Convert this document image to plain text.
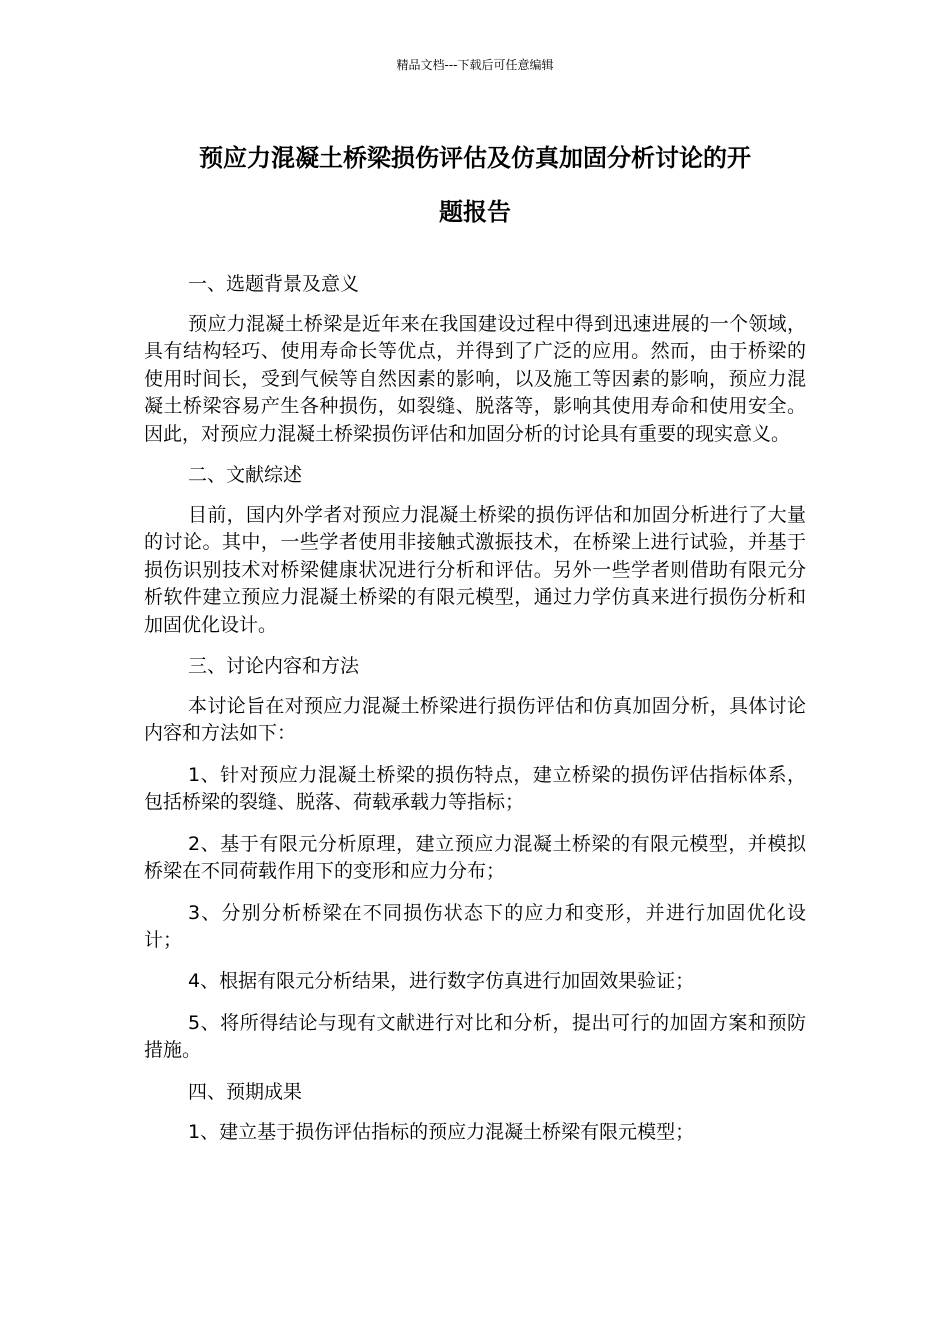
精品文档---下载后可任意编辑
预应力混凝土桥梁损伤评估及仿真加固分析讨论的开
题报告
一、选题背景及意义

预应力混凝土桥梁是近年来在我国建设过程中得到迅速进展的一个领域，具有结构轻巧、使用寿命长等优点，并得到了广泛的应用。然而，由于桥梁的使用时间长，受到气候等自然因素的影响，以及施工等因素的影响，预应力混凝土桥梁容易产生各种损伤，如裂缝、脱落等，影响其使用寿命和使用安全。因此，对预应力混凝土桥梁损伤评估和加固分析的讨论具有重要的现实意义。

二、文献综述

目前，国内外学者对预应力混凝土桥梁的损伤评估和加固分析进行了大量的讨论。其中，一些学者使用非接触式激振技术，在桥梁上进行试验，并基于损伤识别技术对桥梁健康状况进行分析和评估。另外一些学者则借助有限元分析软件建立预应力混凝土桥梁的有限元模型，通过力学仿真来进行损伤分析和加固优化设计。

三、讨论内容和方法

本讨论旨在对预应力混凝土桥梁进行损伤评估和仿真加固分析，具体讨论内容和方法如下：

1、针对预应力混凝土桥梁的损伤特点，建立桥梁的损伤评估指标体系，包括桥梁的裂缝、脱落、荷载承载力等指标；

2、基于有限元分析原理，建立预应力混凝土桥梁的有限元模型，并模拟桥梁在不同荷载作用下的变形和应力分布；

3、分别分析桥梁在不同损伤状态下的应力和变形，并进行加固优化设计；

4、根据有限元分析结果，进行数字仿真进行加固效果验证；

5、将所得结论与现有文献进行对比和分析，提出可行的加固方案和预防措施。

四、预期成果

1、建立基于损伤评估指标的预应力混凝土桥梁有限元模型；
